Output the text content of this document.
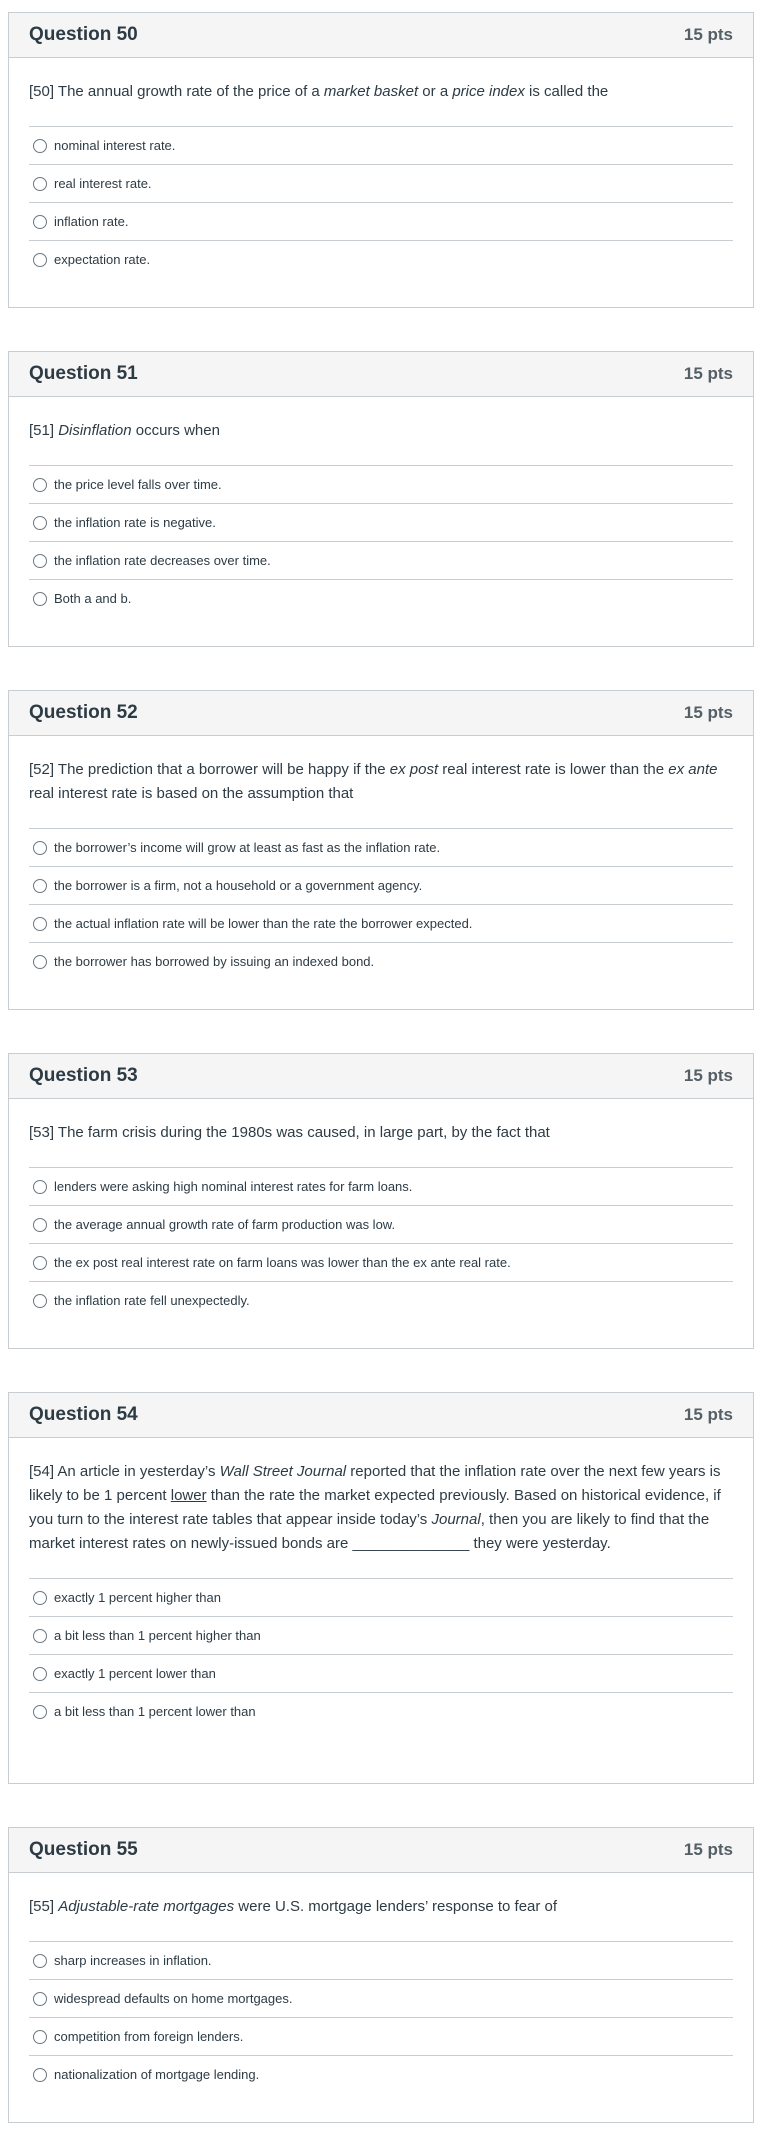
Question 50	15 pts
[50] The annual growth rate of the price of a market basket or a price index is called the
nominal interest rate.
real interest rate.
inflation rate.
expectation rate.
Question 51	15 pts
[51] Disinflation occurs when
the price level falls over time.
the inflation rate is negative.
the inflation rate decreases over time.
Both a and b.
Question 52	15 pts
[52] The prediction that a borrower will be happy if the ex post real interest rate is lower than the ex ante real interest rate is based on the assumption that
the borrower’s income will grow at least as fast as the inflation rate.
the borrower is a firm, not a household or a government agency.
the actual inflation rate will be lower than the rate the borrower expected.
the borrower has borrowed by issuing an indexed bond.
Question 53	15 pts
[53] The farm crisis during the 1980s was caused, in large part, by the fact that
lenders were asking high nominal interest rates for farm loans.
the average annual growth rate of farm production was low.
the ex post real interest rate on farm loans was lower than the ex ante real rate.
the inflation rate fell unexpectedly.
Question 54	15 pts
[54] An article in yesterday’s Wall Street Journal reported that the inflation rate over the next few years is likely to be 1 percent lower than the rate the market expected previously. Based on historical evidence, if you turn to the interest rate tables that appear inside today’s Journal, then you are likely to find that the market interest rates on newly-issued bonds are ______________ they were yesterday.
exactly 1 percent higher than
a bit less than 1 percent higher than
exactly 1 percent lower than
a bit less than 1 percent lower than
Question 55	15 pts
[55] Adjustable-rate mortgages were U.S. mortgage lenders’ response to fear of
sharp increases in inflation.
widespread defaults on home mortgages.
competition from foreign lenders.
nationalization of mortgage lending.
